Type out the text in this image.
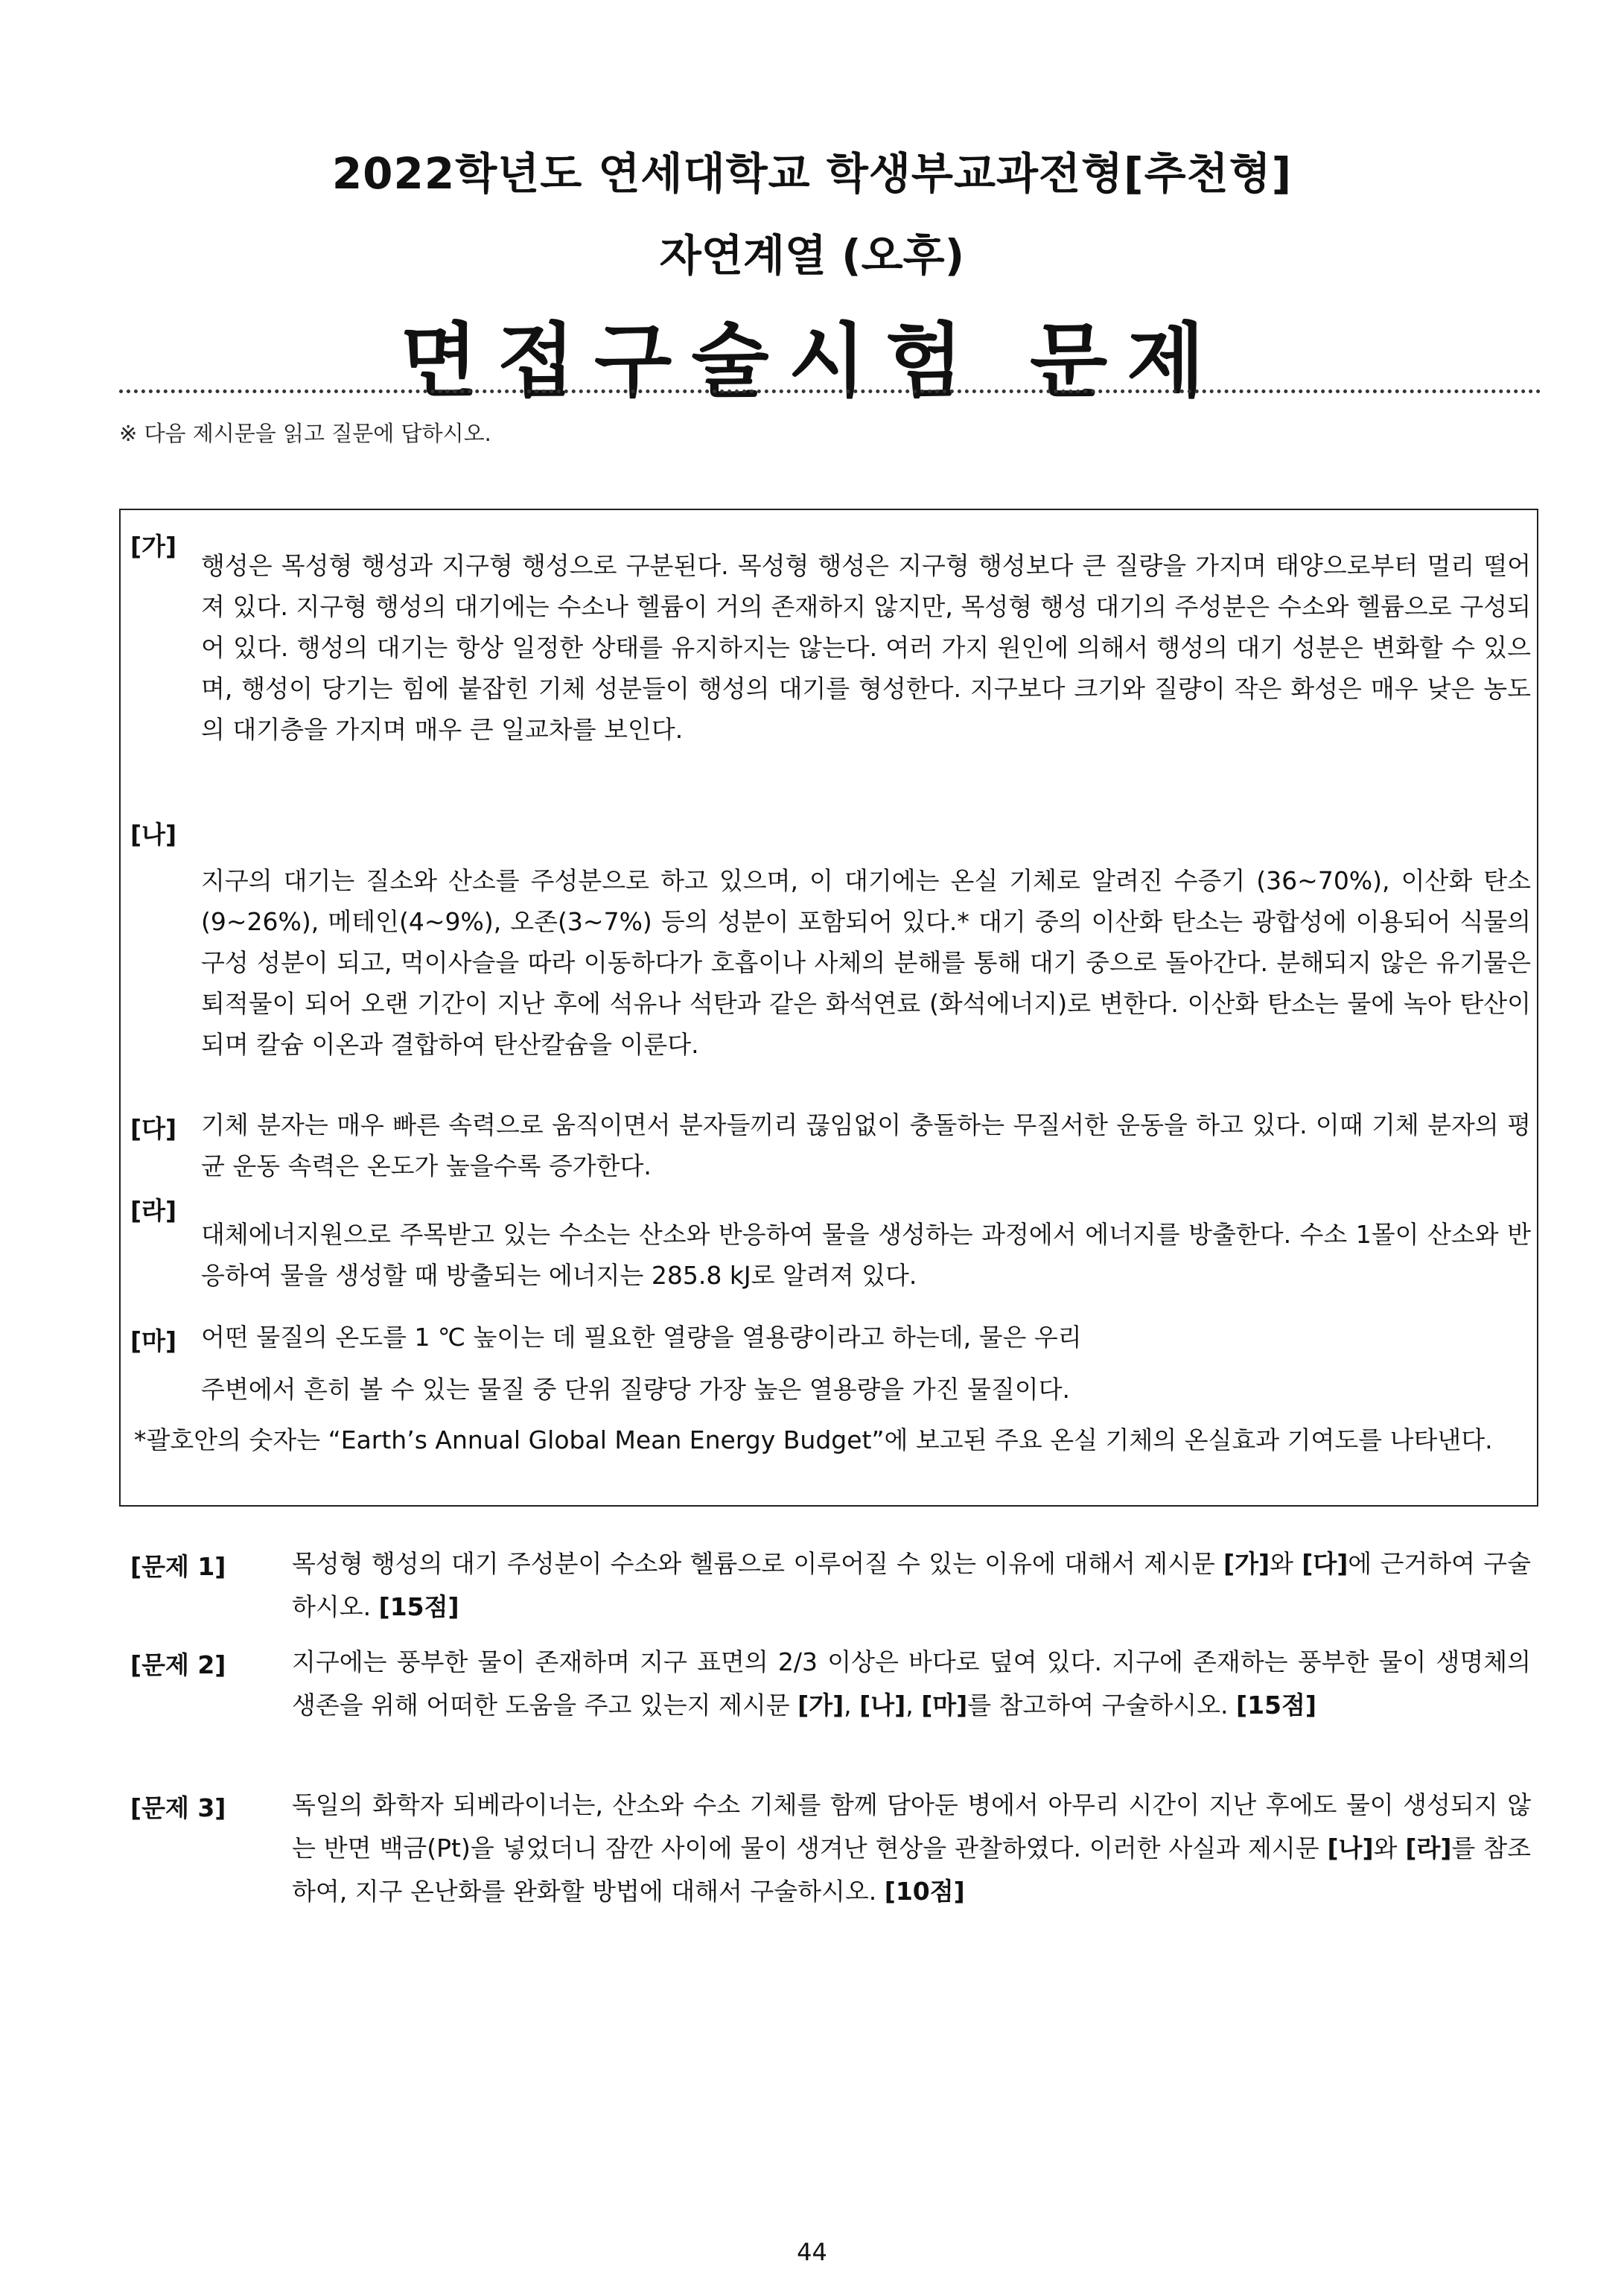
2022학년도 연세대학교 학생부교과전형[추천형]
자연계열 (오후)
면접구술시험 문제
※ 다음 제시문을 읽고 질문에 답하시오.
[가]
행성은 목성형 행성과 지구형 행성으로 구분된다. 목성형 행성은 지구형 행성보다 큰 질량을 가지며 태양으로부터 멀리 떨어져 있다. 지구형 행성의 대기에는 수소나 헬륨이 거의 존재하지 않지만, 목성형 행성 대기의 주성분은 수소와 헬륨으로 구성되어 있다. 행성의 대기는 항상 일정한 상태를 유지하지는 않는다. 여러 가지 원인에 의해서 행성의 대기 성분은 변화할 수 있으며, 행성이 당기는 힘에 붙잡힌 기체 성분들이 행성의 대기를 형성한다. 지구보다 크기와 질량이 작은 화성은 매우 낮은 농도의 대기층을 가지며 매우 큰 일교차를 보인다.
[나]
지구의 대기는 질소와 산소를 주성분으로 하고 있으며, 이 대기에는 온실 기체로 알려진 수증기 (36~70%), 이산화 탄소(9~26%), 메테인(4~9%), 오존(3~7%) 등의 성분이 포함되어 있다.* 대기 중의 이산화 탄소는 광합성에 이용되어 식물의 구성 성분이 되고, 먹이사슬을 따라 이동하다가 호흡이나 사체의 분해를 통해 대기 중으로 돌아간다. 분해되지 않은 유기물은 퇴적물이 되어 오랜 기간이 지난 후에 석유나 석탄과 같은 화석연료 (화석에너지)로 변한다. 이산화 탄소는 물에 녹아 탄산이 되며 칼슘 이온과 결합하여 탄산칼슘을 이룬다.
[다] 기체 분자는 매우 빠른 속력으로 움직이면서 분자들끼리 끊임없이 충돌하는 무질서한 운동을 하고 있다. 이때 기체 분자의 평균 운동 속력은 온도가 높을수록 증가한다.
[라]
대체에너지원으로 주목받고 있는 수소는 산소와 반응하여 물을 생성하는 과정에서 에너지를 방출한다. 수소 1몰이 산소와 반응하여 물을 생성할 때 방출되는 에너지는 285.8 kJ로 알려져 있다.
[마] 어떤 물질의 온도를 1 ℃ 높이는 데 필요한 열량을 열용량이라고 하는데, 물은 우리
주변에서 흔히 볼 수 있는 물질 중 단위 질량당 가장 높은 열용량을 가진 물질이다.
*괄호안의 숫자는 “Earth’s Annual Global Mean Energy Budget”에 보고된 주요 온실 기체의 온실효과 기여도를 나타낸다.
[문제 1]	목성형 행성의 대기 주성분이 수소와 헬륨으로 이루어질 수 있는 이유에 대해서 제시문 [가]와 [다]에 근거하여 구술하시오. [15점]
[문제 2]	지구에는 풍부한 물이 존재하며 지구 표면의 2/3 이상은 바다로 덮여 있다. 지구에 존재하는 풍부한 물이 생명체의 생존을 위해 어떠한 도움을 주고 있는지 제시문 [가], [나], [마]를 참고하여 구술하시오. [15점]
[문제 3]	독일의 화학자 되베라이너는, 산소와 수소 기체를 함께 담아둔 병에서 아무리 시간이 지난 후에도 물이 생성되지 않는 반면 백금(Pt)을 넣었더니 잠깐 사이에 물이 생겨난 현상을 관찰하였다. 이러한 사실과 제시문 [나]와 [라]를 참조하여, 지구 온난화를 완화할 방법에 대해서 구술하시오. [10점]
44
